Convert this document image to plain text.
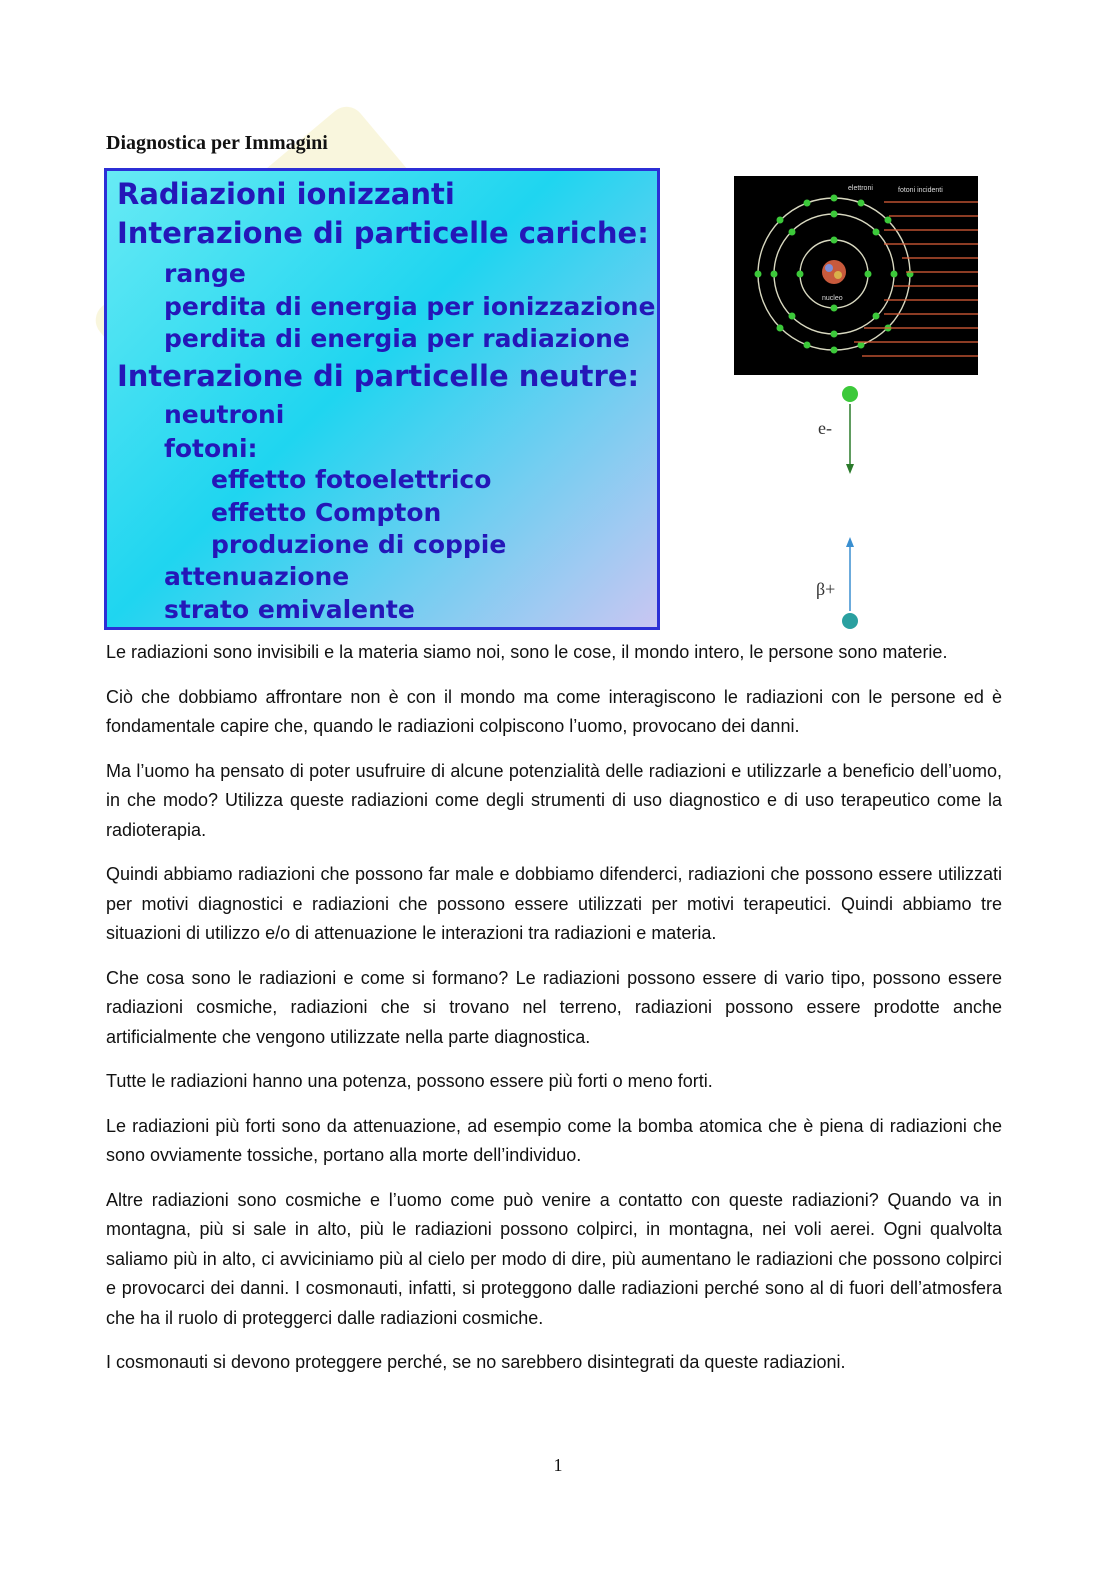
Diagnostica per Immagini
Radiazioni ionizzanti
Interazione di particelle cariche:
range
perdita di energia per ionizzazione
perdita di energia per radiazione
Interazione di particelle neutre:
neutroni
fotoni:
effetto fotoelettrico
effetto Compton
produzione di coppie
attenuazione
strato emivalente
elettroni	fotoni incidenti
nucleo
e-
β+

Le radiazioni sono invisibili e la materia siamo noi, sono le cose, il mondo intero, le persone sono materie.

Ciò che dobbiamo affrontare non è con il mondo ma come interagiscono le radiazioni con le persone ed è fondamentale capire che, quando le radiazioni colpiscono l’uomo, provocano dei danni.

Ma l’uomo ha pensato di poter usufruire di alcune potenzialità delle radiazioni e utilizzarle a beneficio dell’uomo, in che modo? Utilizza queste radiazioni come degli strumenti di uso diagnostico e di uso terapeutico come la radioterapia.

Quindi abbiamo radiazioni che possono far male e dobbiamo difenderci, radiazioni che possono essere utilizzati per motivi diagnostici e radiazioni che possono essere utilizzati per motivi terapeutici. Quindi abbiamo tre situazioni di utilizzo e/o di attenuazione le interazioni tra radiazioni e materia.

Che cosa sono le radiazioni e come si formano? Le radiazioni possono essere di vario tipo, possono essere radiazioni cosmiche, radiazioni che si trovano nel terreno, radiazioni possono essere prodotte anche artificialmente che vengono utilizzate nella parte diagnostica.

Tutte le radiazioni hanno una potenza, possono essere più forti o meno forti.

Le radiazioni più forti sono da attenuazione, ad esempio come la bomba atomica che è piena di radiazioni che sono ovviamente tossiche, portano alla morte dell’individuo.

Altre radiazioni sono cosmiche e l’uomo come può venire a contatto con queste radiazioni? Quando va in montagna, più si sale in alto, più le radiazioni possono colpirci, in montagna, nei voli aerei. Ogni qualvolta saliamo più in alto, ci avviciniamo più al cielo per modo di dire, più aumentano le radiazioni che possono colpirci e provocarci dei danni. I cosmonauti, infatti, si proteggono dalle radiazioni perché sono al di fuori dell’atmosfera che ha il ruolo di proteggerci dalle radiazioni cosmiche.

I cosmonauti si devono proteggere perché, se no sarebbero disintegrati da queste radiazioni.

1
